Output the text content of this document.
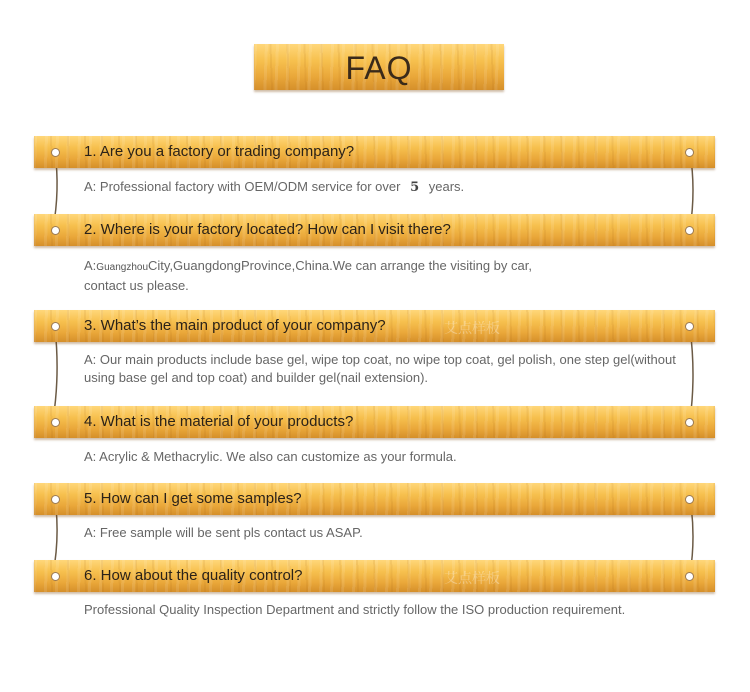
FAQ
1. Are you a factory or trading company?
A: Professional factory with OEM/ODM service for over 5 years.
2. Where is your factory located? How can I visit there?
A:GuangzhouCity,GuangdongProvince,China.We can arrange the visiting by car,
contact us please.
3. What’s the main product of your company?	艾点样板
A: Our main products include base gel, wipe top coat, no wipe top coat, gel polish, one step gel(without
using base gel and top coat) and builder gel(nail extension).
4. What is the material of your products?
A: Acrylic & Methacrylic. We also can customize as your formula.
5. How can I get some samples?
A: Free sample will be sent pls contact us ASAP.
6. How about the quality control?	艾点样板
Professional Quality Inspection Department and strictly follow the ISO production requirement.
